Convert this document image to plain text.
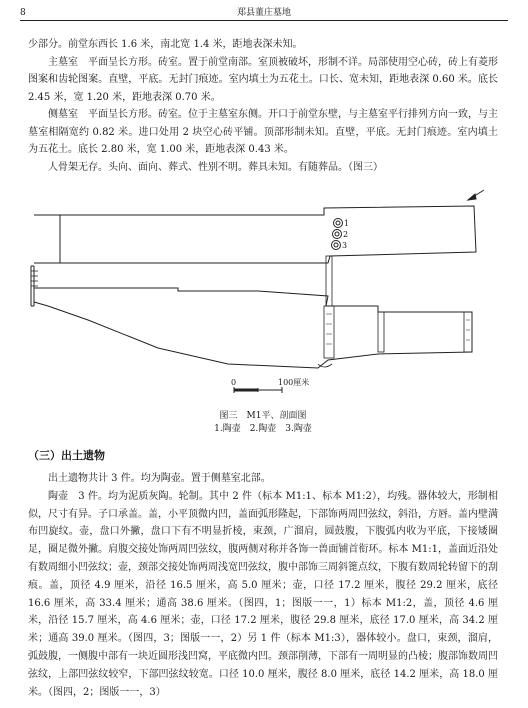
8	郑县董庄墓地

少部分。前堂东西长 1.6 米，南北宽 1.4 米，距地表深未知。

主墓室　平面呈长方形。砖室。置于前堂南部。室顶被破坏，形制不详。局部使用空心砖，砖上有菱形图案和齿轮图案。直壁，平底。无封门痕迹。室内填土为五花土。口长、宽未知，距地表深 0.60 米。底长 2.45 米，宽 1.20 米，距地表深 0.70 米。

侧墓室　平面呈长方形。砖室。位于主墓室东侧。开口于前堂东壁，与主墓室平行排列方向一致，与主墓室相隔宽约 0.82 米。进口处用 2 块空心砖平铺。顶部形制未知。直壁，平底。无封门痕迹。室内填土为五花土。底长 2.80 米，宽 1.00 米，距地表深 0.43 米。

人骨架无存。头向、面向、葬式、性别不明。葬具未知。有随葬品。（图三）

1
2
3
0	100厘米
图三　M1平、剖面图
1.陶壶　2.陶壶　3.陶壶
（三）出土遗物

出土遗物共计 3 件。均为陶壶。置于侧墓室北部。

陶壶　3 件。均为泥质灰陶。轮制。其中 2 件（标本 M1:1、标本 M1:2），均残。器体较大，形制相似，尺寸有异。子口承盖。盖，小平顶微内凹，盖面弧形隆起，下部饰两周凹弦纹，斜沿，方唇。盖内壁满布凹旋纹。壶，盘口外撇，盘口下有不明显折棱，束颈，广溜肩，圆鼓腹，下腹弧内收为平底，下接矮圈足，圈足微外撇。肩腹交接处饰两周凹弦纹，腹两侧对称并各饰一兽面铺首衔环。标本 M1:1，盖面近沿处有数周细小凹弦纹；壶，颈部交接处饰两周浅宽凹弦纹，腹中部饰三周斜篦点纹，下腹有数周轮转留下的刮痕。盖，顶径 4.9 厘米，沿径 16.5 厘米，高 5.0 厘米；壶，口径 17.2 厘米，腹径 29.2 厘米，底径 16.6 厘米，高 33.4 厘米；通高 38.6 厘米。（图四，1；图版一一，1）标本 M1:2，盖，顶径 4.6 厘米，沿径 15.7 厘米，高 4.6 厘米；壶，口径 17.2 厘米，腹径 29.8 厘米，底径 17.0 厘米，高 34.2 厘米；通高 39.0 厘米。（图四，3；图版一一，2）另 1 件（标本 M1:3），器体较小。盘口，束颈，溜肩，弧鼓腹，一侧腹中部有一块近圆形浅凹窝，平底微内凹。颈部削薄，下部有一周明显的凸棱；腹部饰数周凹弦纹，上部凹弦纹较窄，下部凹弦纹较宽。口径 10.0 厘米，腹径 8.0 厘米，底径 14.2 厘米，高 18.0 厘米。（图四，2；图版一一，3）
